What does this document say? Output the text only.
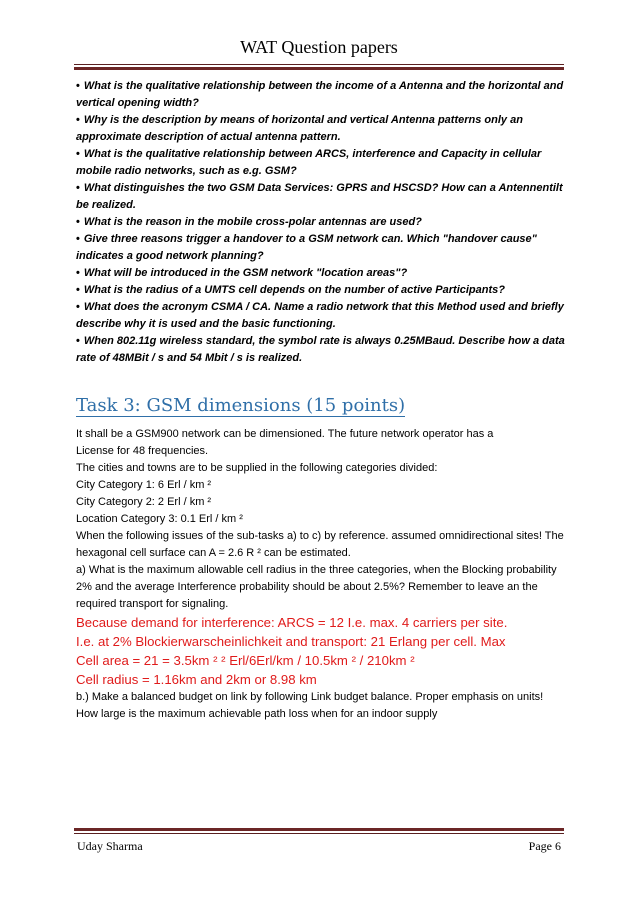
WAT Question papers
• What is the qualitative relationship between the income of a Antenna and the horizontal and vertical opening width?
• Why is the description by means of horizontal and vertical Antenna patterns only an approximate description of actual antenna pattern.
• What is the qualitative relationship between ARCS, interference and Capacity in cellular mobile radio networks, such as e.g. GSM?
• What distinguishes the two GSM Data Services: GPRS and HSCSD? How can a Antennentilt be realized.
• What is the reason in the mobile cross-polar antennas are used?
• Give three reasons trigger a handover to a GSM network can. Which "handover cause" indicates a good network planning?
• What will be introduced in the GSM network "location areas"?
• What is the radius of a UMTS cell depends on the number of active Participants?
• What does the acronym CSMA / CA. Name a radio network that this Method used and briefly describe why it is used and the basic functioning.
• When 802.11g wireless standard, the symbol rate is always 0.25MBaud. Describe how a data rate of 48MBit / s and 54 Mbit / s is realized.
Task 3: GSM dimensions (15 points)

It shall be a GSM900 network can be dimensioned. The future network operator has a

License for 48 frequencies.

The cities and towns are to be supplied in the following categories divided:

City Category 1: 6 Erl / km ²

City Category 2: 2 Erl / km ²

Location Category 3: 0.1 Erl / km ²

When the following issues of the sub-tasks a) to c) by reference. assumed omnidirectional sites! The hexagonal cell surface can A = 2.6 R ² can be estimated.

a) What is the maximum allowable cell radius in the three categories, when the Blocking probability 2% and the average Interference probability should be about 2.5%? Remember to leave an the required transport for signaling.

Because demand for interference: ARCS = 12 I.e. max. 4 carriers per site.

I.e. at 2% Blockierwarscheinlichkeit and transport: 21 Erlang per cell. Max

Cell area = 21 = 3.5km ² ² Erl/6Erl/km / 10.5km ² / 210km ²

Cell radius = 1.16km and 2km or 8.98 km

b.) Make a balanced budget on link by following Link budget balance. Proper emphasis on units! How large is the maximum achievable path loss when for an indoor supply

Uday Sharma	Page 6
